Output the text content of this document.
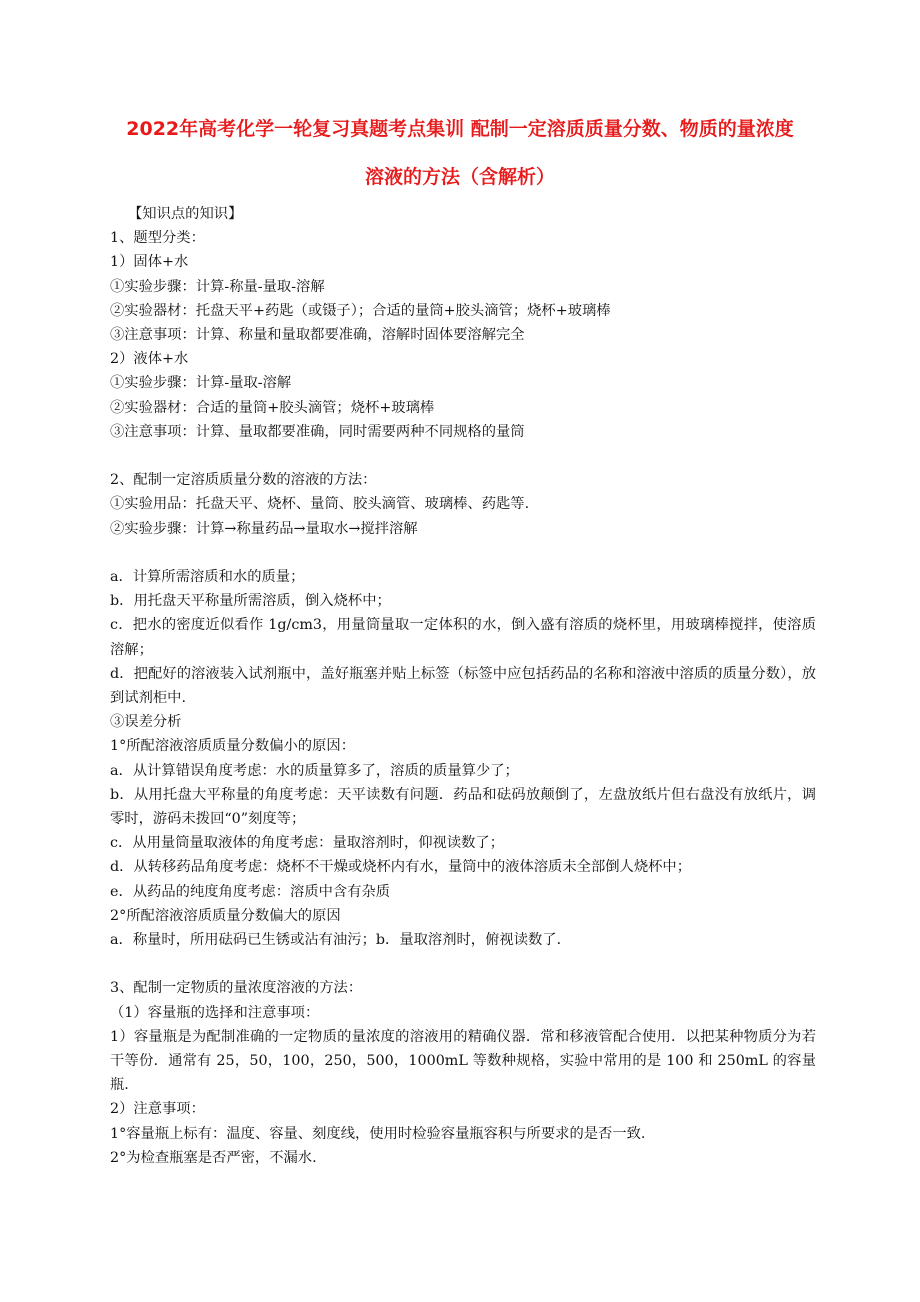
2022年高考化学一轮复习真题考点集训 配制一定溶质质量分数、物质的量浓度

溶液的方法（含解析）

【知识点的知识】

1、题型分类：

1）固体+水

①实验步骤：计算-称量-量取-溶解

②实验器材：托盘天平+药匙（或镊子）；合适的量筒+胶头滴管；烧杯+玻璃棒

③注意事项：计算、称量和量取都要准确，溶解时固体要溶解完全

2）液体+水

①实验步骤：计算-量取-溶解

②实验器材：合适的量筒+胶头滴管；烧杯+玻璃棒

③注意事项：计算、量取都要准确，同时需要两种不同规格的量筒

2、配制一定溶质质量分数的溶液的方法：

①实验用品：托盘天平、烧杯、量筒、胶头滴管、玻璃棒、药匙等.

②实验步骤：计算→称量药品→量取水→搅拌溶解

a．计算所需溶质和水的质量；

b．用托盘天平称量所需溶质，倒入烧杯中；

c．把水的密度近似看作 1g/cm3，用量筒量取一定体积的水，倒入盛有溶质的烧杯里，用玻璃棒搅拌，使溶质溶解；

d．把配好的溶液装入试剂瓶中，盖好瓶塞并贴上标签（标签中应包括药品的名称和溶液中溶质的质量分数），放到试剂柜中.

③误差分析

1°所配溶液溶质质量分数偏小的原因：

a．从计算错误角度考虑：水的质量算多了，溶质的质量算少了；

b．从用托盘大平称量的角度考虑：天平读数有问题．药品和砝码放颠倒了，左盘放纸片但右盘没有放纸片，调零时，游码未拨回“0”刻度等；

c．从用量筒量取液体的角度考虑：量取溶剂时，仰视读数了；

d．从转移药品角度考虑：烧杯不干燥或烧杯内有水，量筒中的液体溶质未全部倒人烧杯中；

e．从药品的纯度角度考虑：溶质中含有杂质

2°所配溶液溶质质量分数偏大的原因

a．称量时，所用砝码已生锈或沾有油污；b．量取溶剂时，俯视读数了．

3、配制一定物质的量浓度溶液的方法：

（1）容量瓶的选择和注意事项：

1）容量瓶是为配制准确的一定物质的量浓度的溶液用的精确仪器．常和移液管配合使用．以把某种物质分为若干等份．通常有 25，50，100，250，500，1000mL 等数种规格，实验中常用的是 100 和 250mL 的容量瓶.

2）注意事项：

1°容量瓶上标有：温度、容量、刻度线，使用时检验容量瓶容积与所要求的是否一致.

2°为检查瓶塞是否严密，不漏水.
